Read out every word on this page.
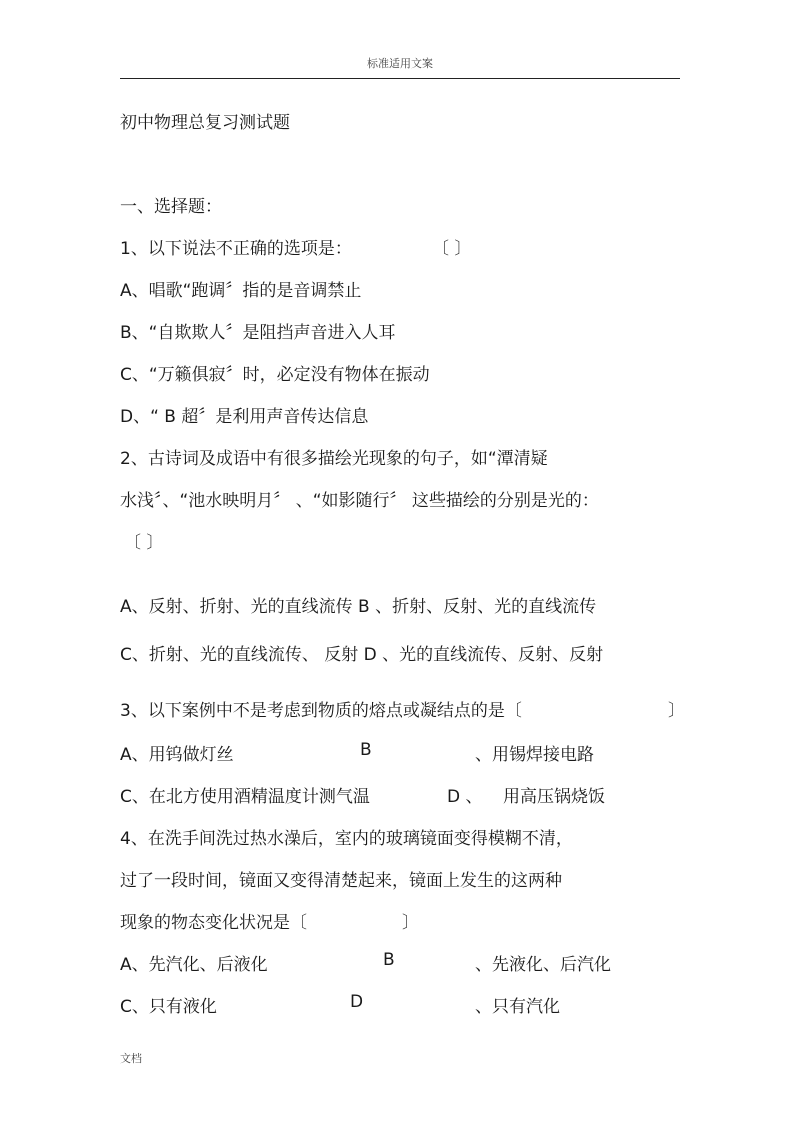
标准适用文案
初中物理总复习测试题
一、选择题：
1、以下说法不正确的选项是：	〔 〕
A、唱歌“跑调〞指的是音调禁止
B、“自欺欺人〞是阻挡声音进入人耳
C、“万籁俱寂〞时，必定没有物体在振动
D、“ B 超〞是利用声音传达信息
2、古诗词及成语中有很多描绘光现象的句子，如“潭清疑
水浅〞、“池水映明月〞 、“如影随行〞 这些描绘的分别是光的：
〔 〕
A、反射、折射、光的直线流传 B 、折射、反射、光的直线流传
C、折射、光的直线流传、 反射 D 、光的直线流传、反射、反射
3、以下案例中不是考虑到物质的熔点或凝结点的是〔	〕
A、用钨做灯丝	B	、用锡焊接电路
C、在北方使用酒精温度计测气温	D 、 用高压锅烧饭
4、在洗手间洗过热水澡后，室内的玻璃镜面变得模糊不清，
过了一段时间，镜面又变得清楚起来，镜面上发生的这两种
现象的物态变化状况是〔	〕
A、先汽化、后液化	B	、先液化、后汽化
C、只有液化	D	、只有汽化
文档
